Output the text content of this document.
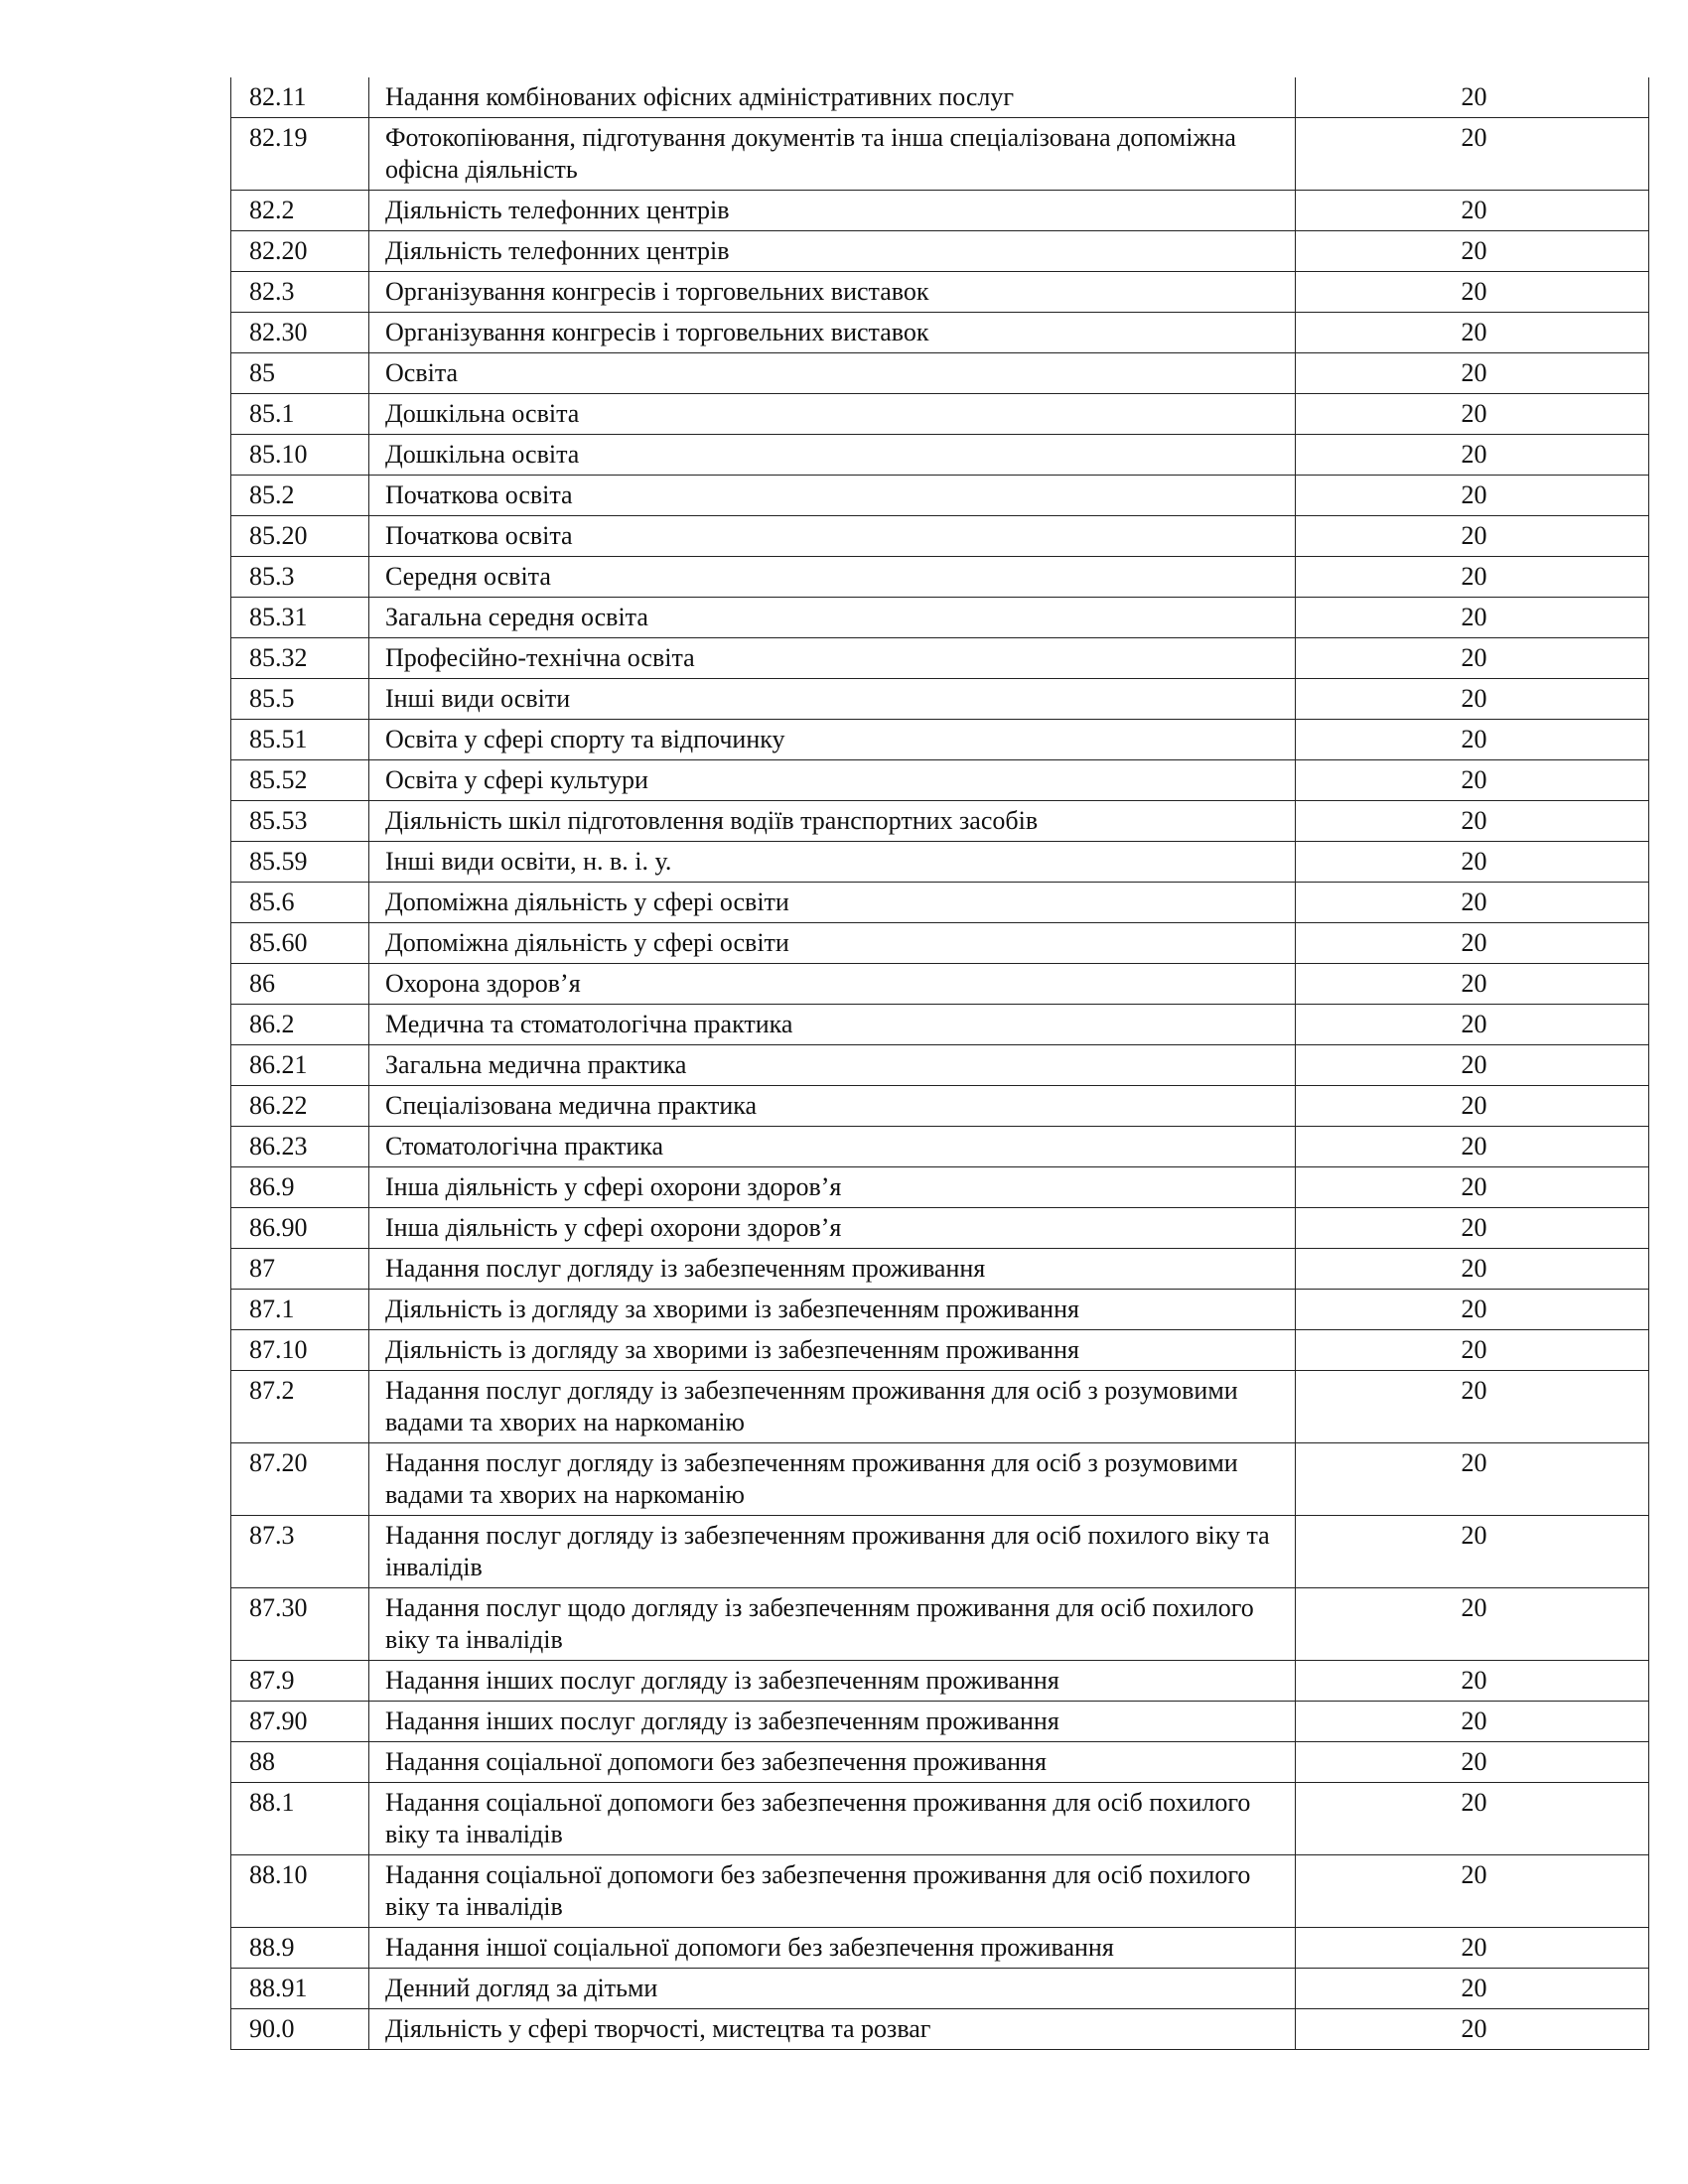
82.11	Надання комбінованих офісних адміністративних послуг	20
82.19	Фотокопіювання, підготування документів та інша спеціалізована допоміжна офісна діяльність	20
82.2	Діяльність телефонних центрів	20
82.20	Діяльність телефонних центрів	20
82.3	Організування конгресів і торговельних виставок	20
82.30	Організування конгресів і торговельних виставок	20
85	Освіта	20
85.1	Дошкільна освіта	20
85.10	Дошкільна освіта	20
85.2	Початкова освіта	20
85.20	Початкова освіта	20
85.3	Середня освіта	20
85.31	Загальна середня освіта	20
85.32	Професійно-технічна освіта	20
85.5	Інші види освіти	20
85.51	Освіта у сфері спорту та відпочинку	20
85.52	Освіта у сфері культури	20
85.53	Діяльність шкіл підготовлення водіїв транспортних засобів	20
85.59	Інші види освіти, н. в. і. у.	20
85.6	Допоміжна діяльність у сфері освіти	20
85.60	Допоміжна діяльність у сфері освіти	20
86	Охорона здоров’я	20
86.2	Медична та стоматологічна практика	20
86.21	Загальна медична практика	20
86.22	Спеціалізована медична практика	20
86.23	Стоматологічна практика	20
86.9	Інша діяльність у сфері охорони здоров’я	20
86.90	Інша діяльність у сфері охорони здоров’я	20
87	Надання послуг догляду із забезпеченням проживання	20
87.1	Діяльність із догляду за хворими із забезпеченням проживання	20
87.10	Діяльність із догляду за хворими із забезпеченням проживання	20
87.2	Надання послуг догляду із забезпеченням проживання для осіб з розумовими вадами та хворих на наркоманію	20
87.20	Надання послуг догляду із забезпеченням проживання для осіб з розумовими вадами та хворих на наркоманію	20
87.3	Надання послуг догляду із забезпеченням проживання для осіб похилого віку та інвалідів	20
87.30	Надання послуг щодо догляду із забезпеченням проживання для осіб похилого віку та інвалідів	20
87.9	Надання інших послуг догляду із забезпеченням проживання	20
87.90	Надання інших послуг догляду із забезпеченням проживання	20
88	Надання соціальної допомоги без забезпечення проживання	20
88.1	Надання соціальної допомоги без забезпечення проживання для осіб похилого віку та інвалідів	20
88.10	Надання соціальної допомоги без забезпечення проживання для осіб похилого віку та інвалідів	20
88.9	Надання іншої соціальної допомоги без забезпечення проживання	20
88.91	Денний догляд за дітьми	20
90.0	Діяльність у сфері творчості, мистецтва та розваг	20
